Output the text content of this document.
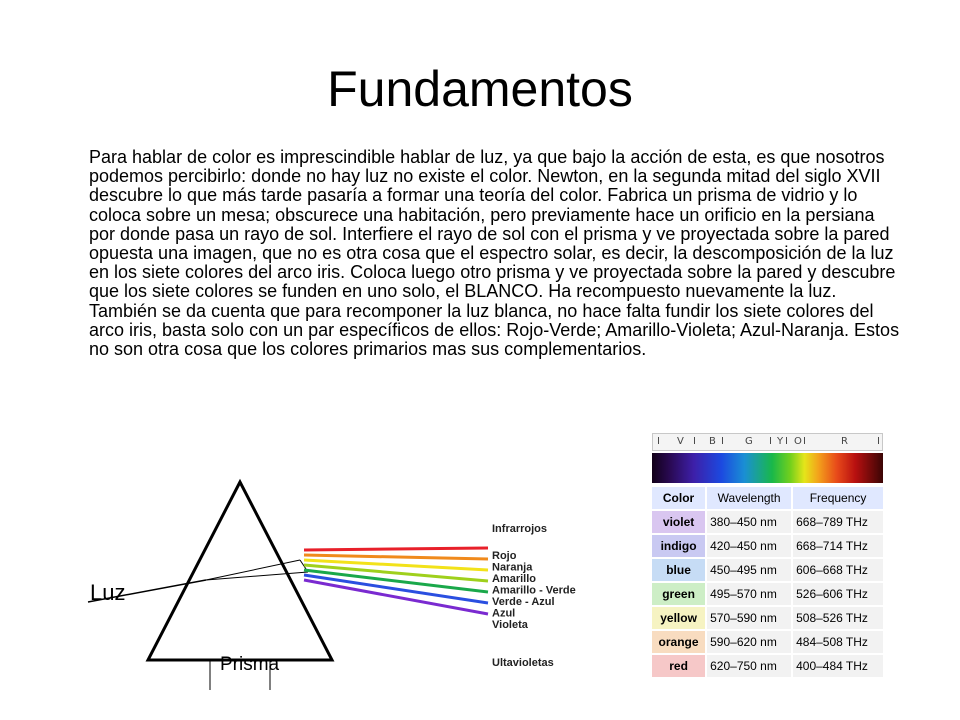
Fundamentos
Para hablar de color es imprescindible hablar de luz, ya que bajo la acción de esta, es que nosotros podemos percibirlo: donde no hay luz no existe el color. Newton, en la segunda mitad del siglo XVII descubre lo que más tarde pasaría a formar una teoría del color. Fabrica un prisma de vidrio y lo coloca sobre un mesa; obscurece una habitación, pero previamente hace un orificio en la persiana por donde pasa un rayo de sol. Interfiere el rayo de sol con el prisma y ve proyectada sobre la pared opuesta una imagen, que no es otra cosa que el espectro solar, es decir, la descomposición de la luz en los siete colores del arco iris. Coloca luego otro prisma y ve proyectada sobre la pared y descubre que los siete colores se funden en uno solo, el BLANCO. Ha recompuesto nuevamente la luz. También se da cuenta que para recomponer la luz blanca, no hace falta fundir los siete colores del arco iris, basta solo con un par específicos de ellos: Rojo-Verde; Amarillo-Violeta; Azul-Naranja. Estos no son otra cosa que los colores primarios mas sus complementarios.
Luz
Prisma
Infrarrojos
Ultavioletas
Rojo
Naranja
Amarillo
Amarillo - Verde
Verde - Azul
Azul
Violeta
I V I B I G I Y I O I	R	I
Color	Wavelength	Frequency
violet	380–450 nm	668–789 THz
indigo	420–450 nm	668–714 THz
blue	450–495 nm	606–668 THz
green	495–570 nm	526–606 THz
yellow	570–590 nm	508–526 THz
orange	590–620 nm	484–508 THz
red	620–750 nm	400–484 THz
